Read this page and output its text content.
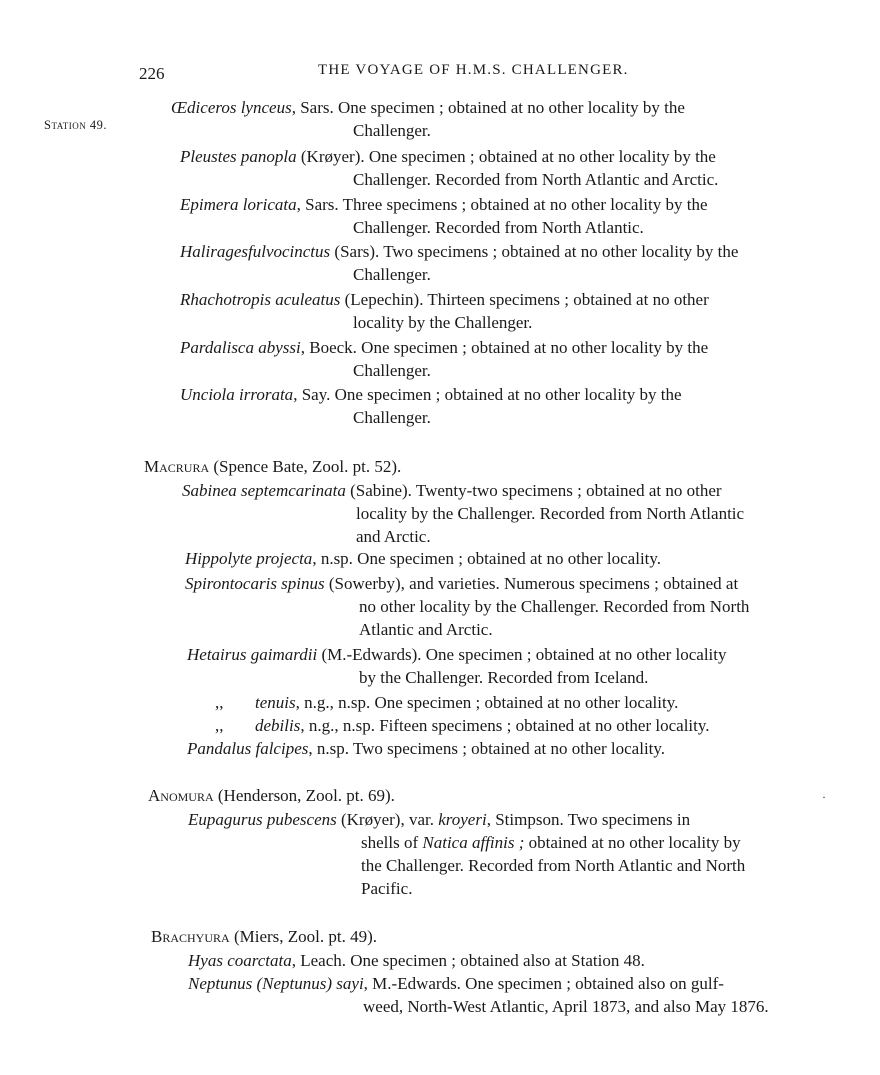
226	THE VOYAGE OF H.M.S. CHALLENGER.
Station 49.
Œdiceros lynceus, Sars. One specimen ; obtained at no other locality by the
Challenger.
Pleustes panopla (Krøyer). One specimen ; obtained at no other locality by the
Challenger. Recorded from North Atlantic and Arctic.
Epimera loricata, Sars. Three specimens ; obtained at no other locality by the
Challenger. Recorded from North Atlantic.
Haliragesfulvocinctus (Sars). Two specimens ; obtained at no other locality by the
Challenger.
Rhachotropis aculeatus (Lepechin). Thirteen specimens ; obtained at no other
locality by the Challenger.
Pardalisca abyssi, Boeck. One specimen ; obtained at no other locality by the
Challenger.
Unciola irrorata, Say. One specimen ; obtained at no other locality by the
Challenger.
Macrura (Spence Bate, Zool. pt. 52).
Sabinea septemcarinata (Sabine). Twenty-two specimens ; obtained at no other
locality by the Challenger. Recorded from North Atlantic
and Arctic.
Hippolyte projecta, n.sp. One specimen ; obtained at no other locality.
Spirontocaris spinus (Sowerby), and varieties. Numerous specimens ; obtained at
no other locality by the Challenger. Recorded from North
Atlantic and Arctic.
Hetairus gaimardii (M.-Edwards). One specimen ; obtained at no other locality
by the Challenger. Recorded from Iceland.
,, tenuis, n.g., n.sp. One specimen ; obtained at no other locality.
,, debilis, n.g., n.sp. Fifteen specimens ; obtained at no other locality.
Pandalus falcipes, n.sp. Two specimens ; obtained at no other locality.
Anomura (Henderson, Zool. pt. 69).
Eupagurus pubescens (Krøyer), var. kroyeri, Stimpson. Two specimens in
shells of Natica affinis ; obtained at no other locality by
the Challenger. Recorded from North Atlantic and North
Pacific.
Brachyura (Miers, Zool. pt. 49).
Hyas coarctata, Leach. One specimen ; obtained also at Station 48.
Neptunus (Neptunus) sayi, M.-Edwards. One specimen ; obtained also on gulf-
weed, North-West Atlantic, April 1873, and also May 1876.
·
